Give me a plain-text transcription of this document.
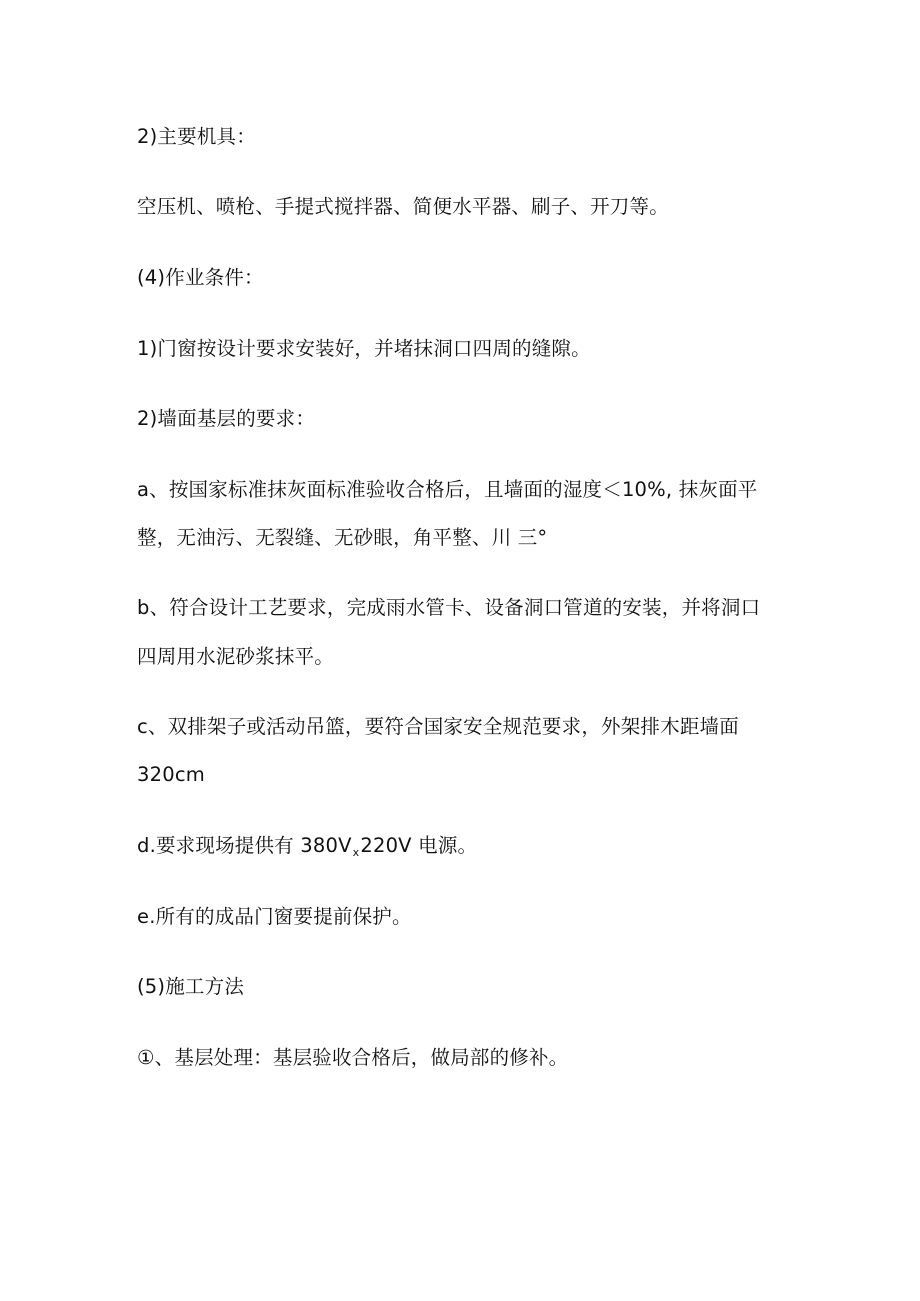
2)主要机具：

空压机、喷枪、手提式搅拌器、简便水平器、刷子、开刀等。

(4)作业条件：

1)门窗按设计要求安装好，并堵抹洞口四周的缝隙。

2)墙面基层的要求：

a、按国家标准抹灰面标准验收合格后，且墙面的湿度＜10%, 抹灰面平

整，无油污、无裂缝、无砂眼，角平整、川 三°

b、符合设计工艺要求，完成雨水管卡、设备洞口管道的安装，并将洞口

四周用水泥砂浆抹平。

c、双排架子或活动吊篮，要符合国家安全规范要求，外架排木距墙面

320cm

d.要求现场提供有 $380V_x220V$ 电源。

e.所有的成品门窗要提前保护。

(5)施工方法

①、基层处理：基层验收合格后，做局部的修补。
